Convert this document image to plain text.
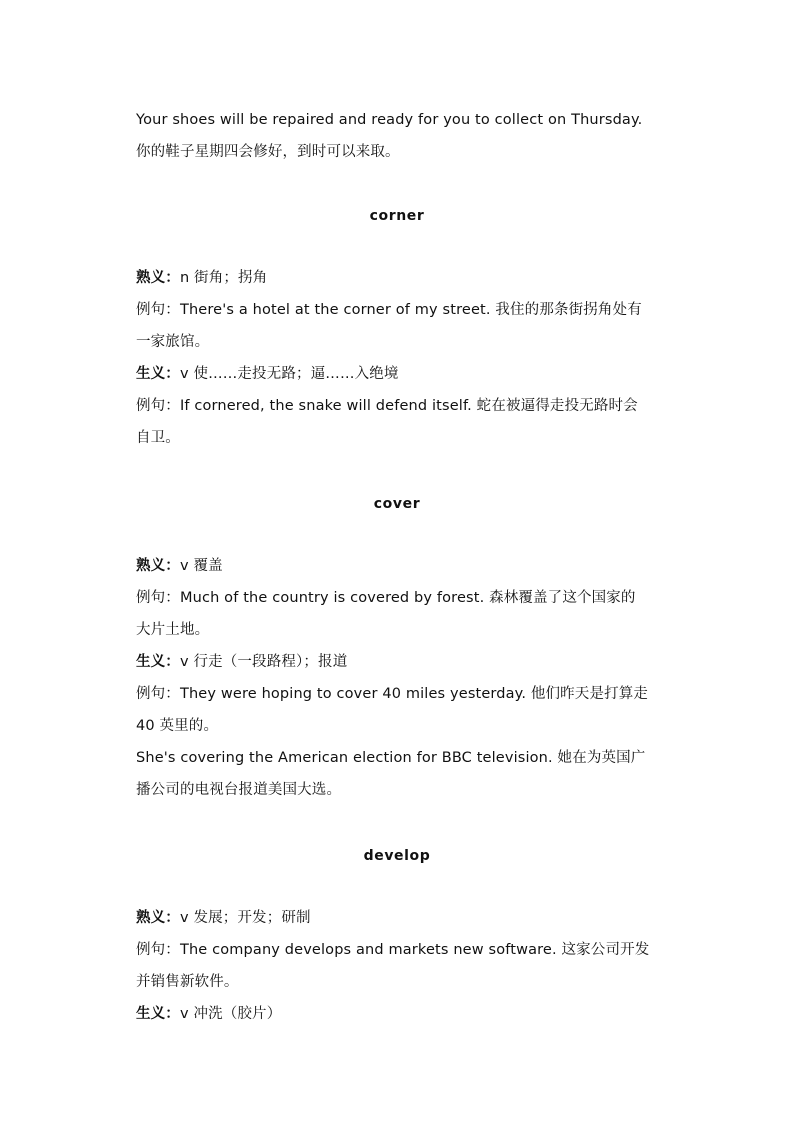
Your shoes will be repaired and ready for you to collect on Thursday.
你的鞋子星期四会修好，到时可以来取。
corner
熟义：n 街角；拐角
例句：There's a hotel at the corner of my street. 我住的那条街拐角处有
一家旅馆。
生义：v 使……走投无路；逼……入绝境
例句：If cornered, the snake will defend itself. 蛇在被逼得走投无路时会
自卫。
cover
熟义：v 覆盖
例句：Much of the country is covered by forest. 森林覆盖了这个国家的
大片土地。
生义：v 行走（一段路程）；报道
例句：They were hoping to cover 40 miles yesterday. 他们昨天是打算走
40 英里的。
She's covering the American election for BBC television. 她在为英国广
播公司的电视台报道美国大选。
develop
熟义：v 发展；开发；研制
例句：The company develops and markets new software. 这家公司开发
并销售新软件。
生义：v 冲洗（胶片）
